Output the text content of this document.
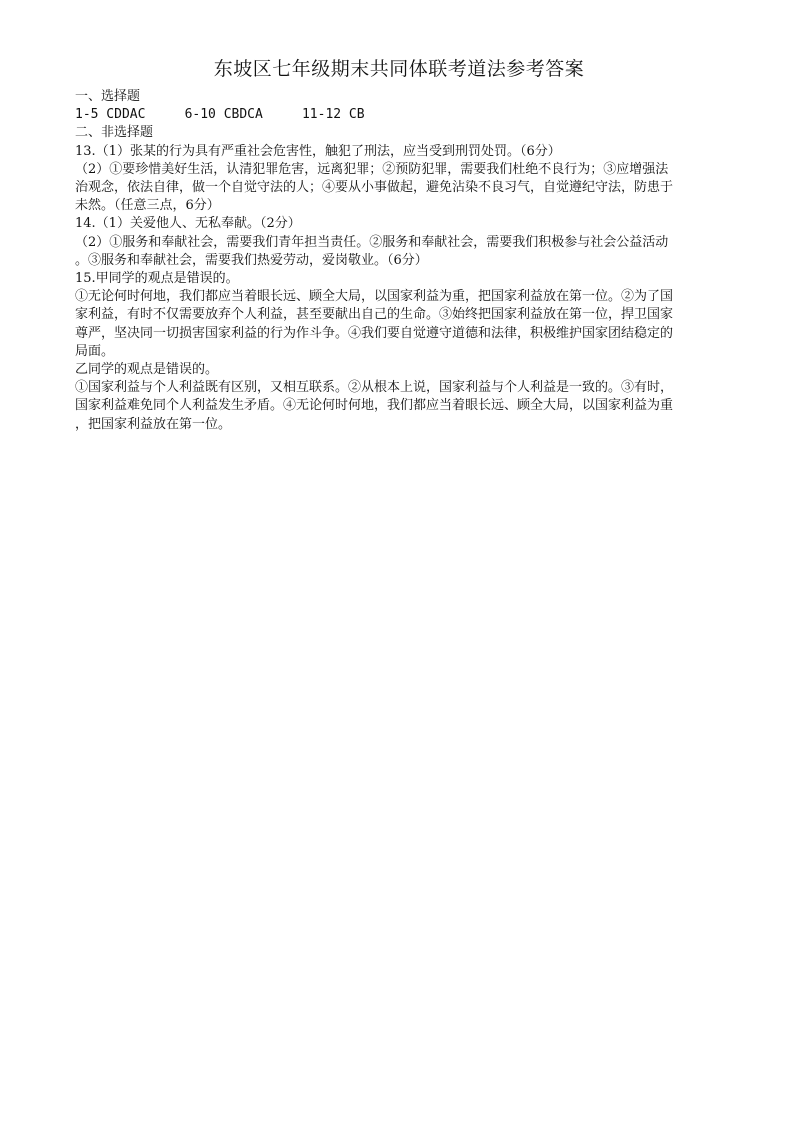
东坡区七年级期末共同体联考道法参考答案

一、选择题

1-5 CDDAC     6-10 CBDCA     11-12 CB

二、非选择题

13.（1）张某的行为具有严重社会危害性，触犯了刑法，应当受到刑罚处罚。（6分）

（2）①要珍惜美好生活，认清犯罪危害，远离犯罪；②预防犯罪，需要我们杜绝不良行为；③应增强法

治观念，依法自律，做一个自觉守法的人；④要从小事做起，避免沾染不良习气，自觉遵纪守法，防患于

未然。（任意三点，6分）

14.（1）关爱他人、无私奉献。（2分）

（2）①服务和奉献社会，需要我们青年担当责任。②服务和奉献社会，需要我们积极参与社会公益活动

。③服务和奉献社会，需要我们热爱劳动，爱岗敬业。（6分）

15.甲同学的观点是错误的。

①无论何时何地，我们都应当着眼长远、顾全大局，以国家利益为重，把国家利益放在第一位。②为了国

家利益，有时不仅需要放弃个人利益，甚至要献出自己的生命。③始终把国家利益放在第一位，捍卫国家

尊严，坚决同一切损害国家利益的行为作斗争。④我们要自觉遵守道德和法律，积极维护国家团结稳定的

局面。

乙同学的观点是错误的。

①国家利益与个人利益既有区别，又相互联系。②从根本上说，国家利益与个人利益是一致的。③有时，

国家利益难免同个人利益发生矛盾。④无论何时何地，我们都应当着眼长远、顾全大局，以国家利益为重

，把国家利益放在第一位。
